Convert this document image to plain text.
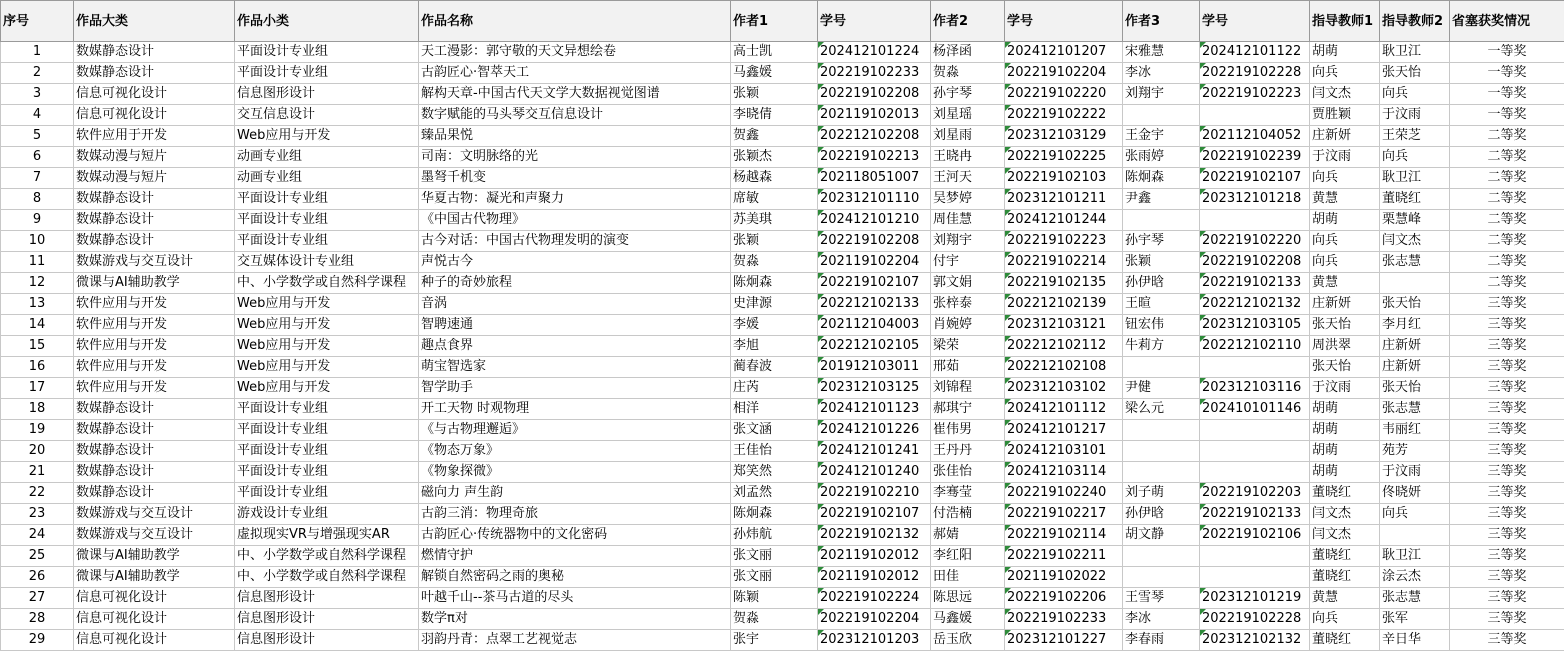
序号	作品大类	作品小类	作品名称	作者1	学号	作者2	学号	作者3	学号	指导教师1	指导教师2	省塞获奖情况
1	数媒静态设计	平面设计专业组	天工漫影：郭守敬的天文异想绘卷	高士凯	202412101224	杨泽函	202412101207	宋雅慧	202412101122	胡萌	耿卫江	一等奖
2	数媒静态设计	平面设计专业组	古韵匠心·智萃天工	马鑫媛	202219102233	贺淼	202219102204	李冰	202219102228	向兵	张天怡	一等奖
3	信息可视化设计	信息图形设计	解构天章-中国古代天文学大数据视觉图谱	张颖	202219102208	孙宇琴	202219102220	刘翔宇	202219102223	闫文杰	向兵	一等奖
4	信息可视化设计	交互信息设计	数字赋能的马头琴交互信息设计	李晓倩	202119102013	刘星瑶	202219102222			贾胜颖	于汶雨	一等奖
5	软件应用于开发	Web应用与开发	臻品果悦	贺鑫	202212102208	刘星雨	202312103129	王金宇	202112104052	庄新妍	王荣芝	二等奖
6	数媒动漫与短片	动画专业组	司南：文明脉络的光	张颖杰	202219102213	王晓冉	202219102225	张雨婷	202219102239	于汶雨	向兵	二等奖
7	数媒动漫与短片	动画专业组	墨弩千机变	杨越森	202118051007	王河天	202219102103	陈炯森	202219102107	向兵	耿卫江	二等奖
8	数媒静态设计	平面设计专业组	华夏古物：凝光和声聚力	席敏	202312101110	吴梦婷	202312101211	尹鑫	202312101218	黄慧	董晓红	二等奖
9	数媒静态设计	平面设计专业组	《中国古代物理》	苏美琪	202412101210	周佳慧	202412101244			胡萌	栗慧峰	二等奖
10	数媒静态设计	平面设计专业组	古今对话：中国古代物理发明的演变	张颖	202219102208	刘翔宇	202219102223	孙宇琴	202219102220	向兵	闫文杰	二等奖
11	数媒游戏与交互设计	交互媒体设计专业组	声悦古今	贺淼	202119102204	付宇	202219102214	张颖	202219102208	向兵	张志慧	二等奖
12	微课与AI辅助教学	中、小学数学或自然科学课程	种子的奇妙旅程	陈炯森	202219102107	郭文娟	202219102135	孙伊晗	202219102133	黄慧		二等奖
13	软件应用与开发	Web应用与开发	音涡	史津源	202212102133	张梓泰	202212102139	王暄	202212102132	庄新妍	张天怡	三等奖
14	软件应用与开发	Web应用与开发	智聘速通	李媛	202112104003	肖婉婷	202312103121	钮宏伟	202312103105	张天怡	李月红	三等奖
15	软件应用与开发	Web应用与开发	趣点食界	李旭	202212102105	梁荣	202212102112	牛莉方	202212102110	周洪翠	庄新妍	三等奖
16	软件应用与开发	Web应用与开发	萌宝智选家	蔺春波	201912103011	邢茹	202212102108			张天怡	庄新妍	三等奖
17	软件应用与开发	Web应用与开发	智学助手	庄芮	202312103125	刘锦程	202312103102	尹健	202312103116	于汶雨	张天怡	三等奖
18	数媒静态设计	平面设计专业组	开工天物 时观物理	相洋	202412101123	郝琪宁	202412101112	梁么元	202410101146	胡萌	张志慧	三等奖
19	数媒静态设计	平面设计专业组	《与古物理邂逅》	张文涵	202412101226	崔伟男	202412101217			胡萌	韦丽红	三等奖
20	数媒静态设计	平面设计专业组	《物态万象》	王佳怡	202412101241	王丹丹	202412103101			胡萌	苑芳	三等奖
21	数媒静态设计	平面设计专业组	《物象探微》	郑笑然	202412101240	张佳怡	202412103114			胡萌	于汶雨	三等奖
22	数媒静态设计	平面设计专业组	磁向力 声生韵	刘孟然	202219102210	李骞莹	202219102240	刘子萌	202219102203	董晓红	佟晓妍	三等奖
23	数媒游戏与交互设计	游戏设计专业组	古韵三消：物理奇旅	陈炯森	202219102107	付浩楠	202219102217	孙伊晗	202219102133	闫文杰	向兵	三等奖
24	数媒游戏与交互设计	虚拟现实VR与增强现实AR	古韵匠心·传统器物中的文化密码	孙炜航	202219102132	郝婧	202219102114	胡文静	202219102106	闫文杰		三等奖
25	微课与AI辅助教学	中、小学数学或自然科学课程	燃情守护	张文丽	202119102012	李红阳	202219102211			董晓红	耿卫江	三等奖
26	微课与AI辅助教学	中、小学数学或自然科学课程	解锁自然密码之雨的奥秘	张文丽	202119102012	田佳	202119102022			董晓红	涂云杰	三等奖
27	信息可视化设计	信息图形设计	叶越千山--茶马古道的尽头	陈颖	202219102224	陈思远	202219102206	王雪琴	202312101219	黄慧	张志慧	三等奖
28	信息可视化设计	信息图形设计	数学π对	贺淼	202219102204	马鑫媛	202219102233	李冰	202219102228	向兵	张军	三等奖
29	信息可视化设计	信息图形设计	羽韵丹青：点翠工艺视觉志	张宇	202312101203	岳玉欣	202312101227	李春雨	202312102132	董晓红	辛日华	三等奖
